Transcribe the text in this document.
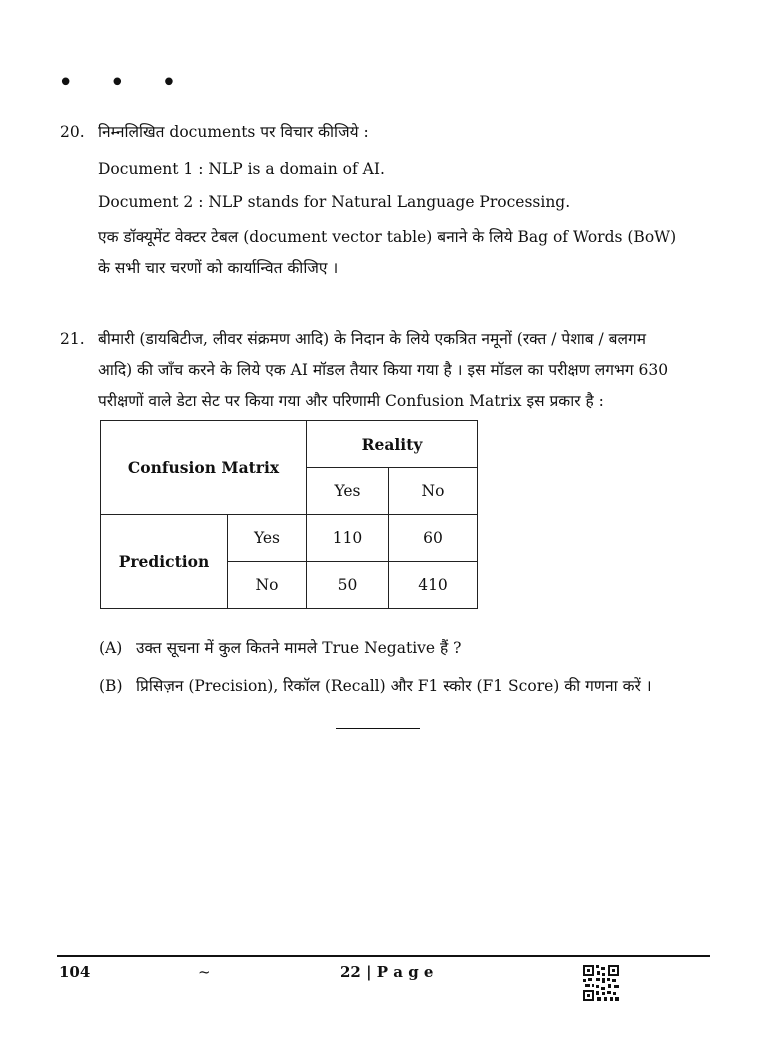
• • •
20. निम्नलिखित documents पर विचार कीजिये :
Document 1 : NLP is a domain of AI.
Document 2 : NLP stands for Natural Language Processing.
एक डॉक्यूमेंट वेक्टर टेबल (document vector table) बनाने के लिये Bag of Words (BoW)
के सभी चार चरणों को कार्यान्वित कीजिए ।
21. बीमारी (डायबिटीज, लीवर संक्रमण आदि) के निदान के लिये एकत्रित नमूनों (रक्त / पेशाब / बलगम
आदि) की जाँच करने के लिये एक AI मॉडल तैयार किया गया है । इस मॉडल का परीक्षण लगभग 630
परीक्षणों वाले डेटा सेट पर किया गया और परिणामी Confusion Matrix इस प्रकार है :
Confusion Matrix		Reality	
		Yes	No
Prediction	Yes	110	60
	No	50	410
(A) उक्त सूचना में कुल कितने मामले True Negative हैं ?
(B) प्रिसिज़न (Precision), रिकॉल (Recall) और F1 स्कोर (F1 Score) की गणना करें ।
104	~	22 | P a g e
